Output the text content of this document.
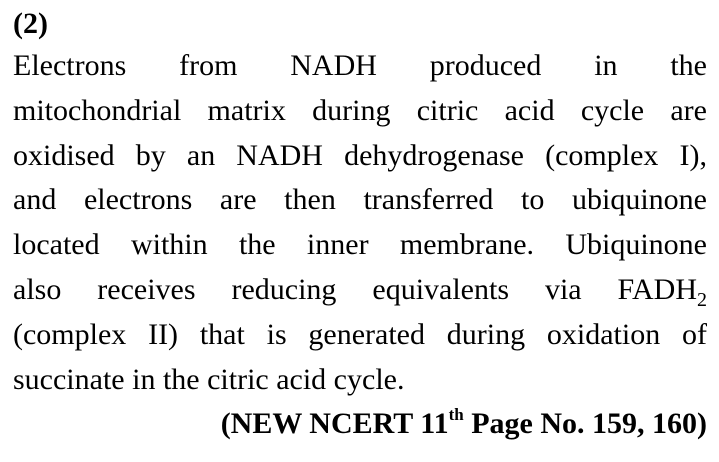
(2)
Electrons from NADH produced in the
mitochondrial matrix during citric acid cycle are
oxidised by an NADH dehydrogenase (complex I),
and electrons are then transferred to ubiquinone
located within the inner membrane. Ubiquinone
also receives reducing equivalents via $FADH_2$
(complex II) that is generated during oxidation of
succinate in the citric acid cycle.
(NEW NCERT 11th Page No. 159, 160)
